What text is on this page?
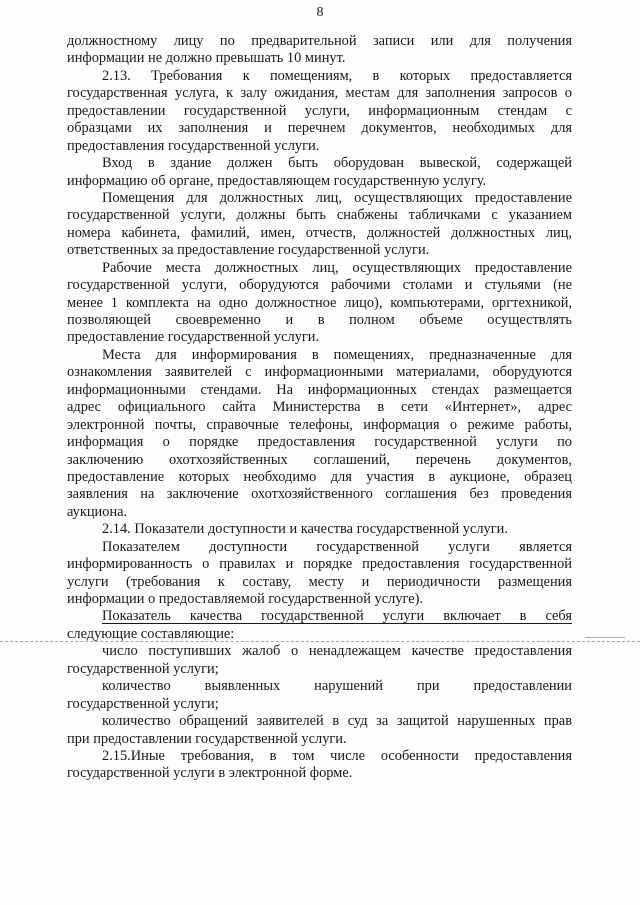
8
должностному лицу по предварительной записи или для получения
информации не должно превышать 10 минут.
2.13. Требования к помещениям, в которых предоставляется
государственная услуга, к залу ожидания, местам для заполнения запросов о
предоставлении государственной услуги, информационным стендам с
образцами их заполнения и перечнем документов, необходимых для
предоставления государственной услуги.
Вход в здание должен быть оборудован вывеской, содержащей
информацию об органе, предоставляющем государственную услугу.
Помещения для должностных лиц, осуществляющих предоставление
государственной услуги, должны быть снабжены табличками с указанием
номера кабинета, фамилий, имен, отчеств, должностей должностных лиц,
ответственных за предоставление государственной услуги.
Рабочие места должностных лиц, осуществляющих предоставление
государственной услуги, оборудуются рабочими столами и стульями (не
менее 1 комплекта на одно должностное лицо), компьютерами, оргтехникой,
позволяющей своевременно и в полном объеме осуществлять
предоставление государственной услуги.
Места для информирования в помещениях, предназначенные для
ознакомления заявителей с информационными материалами, оборудуются
информационными стендами. На информационных стендах размещается
адрес официального сайта Министерства в сети «Интернет», адрес
электронной почты, справочные телефоны, информация о режиме работы,
информация о порядке предоставления государственной услуги по
заключению охотхозяйственных соглашений, перечень документов,
предоставление которых необходимо для участия в аукционе, образец
заявления на заключение охотхозяйственного соглашения без проведения
аукциона.
2.14. Показатели доступности и качества государственной услуги.
Показателем доступности государственной услуги является
информированность о правилах и порядке предоставления государственной
услуги (требования к составу, месту и периодичности размещения
информации о предоставляемой государственной услуге).
Показатель качества государственной услуги включает в себя
следующие составляющие:
число поступивших жалоб о ненадлежащем качестве предоставления
государственной услуги;
количество выявленных нарушений при предоставлении
государственной услуги;
количество обращений заявителей в суд за защитой нарушенных прав
при предоставлении государственной услуги.
2.15.Иные требования, в том числе особенности предоставления
государственной услуги в электронной форме.
